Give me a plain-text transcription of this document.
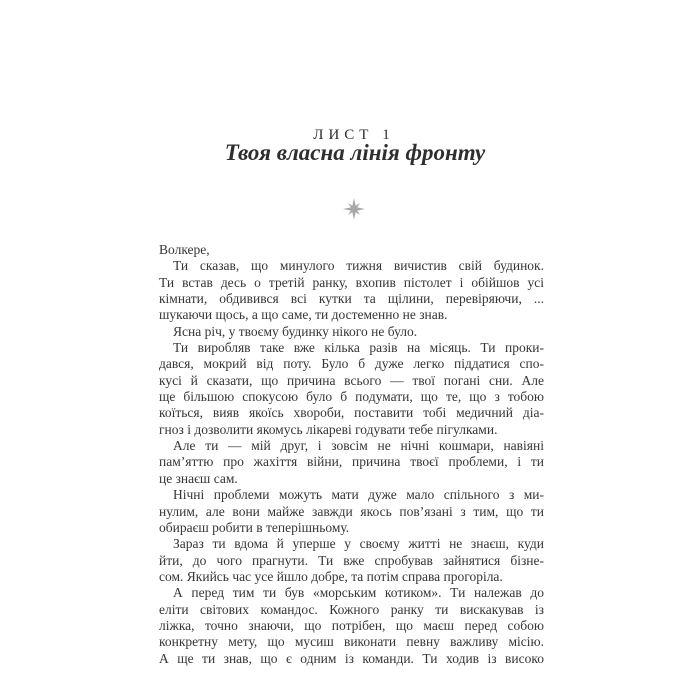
ЛИСТ 1
Твоя власна лінія фронту

Волкере,

Ти сказав, що минулого тижня вичистив свій будинок.
Ти встав десь о третій ранку, вхопив пістолет і обійшов усі
кімнати, обдивився всі кутки та щілини, перевіряючи, ...
шукаючи щось, а що саме, ти достеменно не знав.

Ясна річ, у твоєму будинку нікого не було.

Ти виробляв таке вже кілька разів на місяць. Ти проки-
дався, мокрий від поту. Було б дуже легко піддатися спо-
кусі й сказати, що причина всього — твої погані сни. Але
ще більшою спокусою було б подумати, що те, що з тобою
коїться, вияв якоїсь хвороби, поставити тобі медичний діа-
гноз і дозволити якомусь лікареві годувати тебе пігулками.

Але ти — мій друг, і зовсім не нічні кошмари, навіяні
пам’яттю про жахіття війни, причина твоєї проблеми, і ти
це знаєш сам.

Нічні проблеми можуть мати дуже мало спільного з ми-
нулим, але вони майже завжди якось пов’язані з тим, що ти
обираєш робити в теперішньому.

Зараз ти вдома й уперше у своєму житті не знаєш, куди
йти, до чого прагнути. Ти вже спробував зайнятися бізне-
сом. Якийсь час усе йшло добре, та потім справа прогоріла.

А перед тим ти був «морським котиком». Ти належав до
еліти світових командос. Кожного ранку ти вискакував із
ліжка, точно знаючи, що потрібен, що маєш перед собою
конкретну мету, що мусиш виконати певну важливу місію.
А ще ти знав, що є одним із команди. Ти ходив із високо
